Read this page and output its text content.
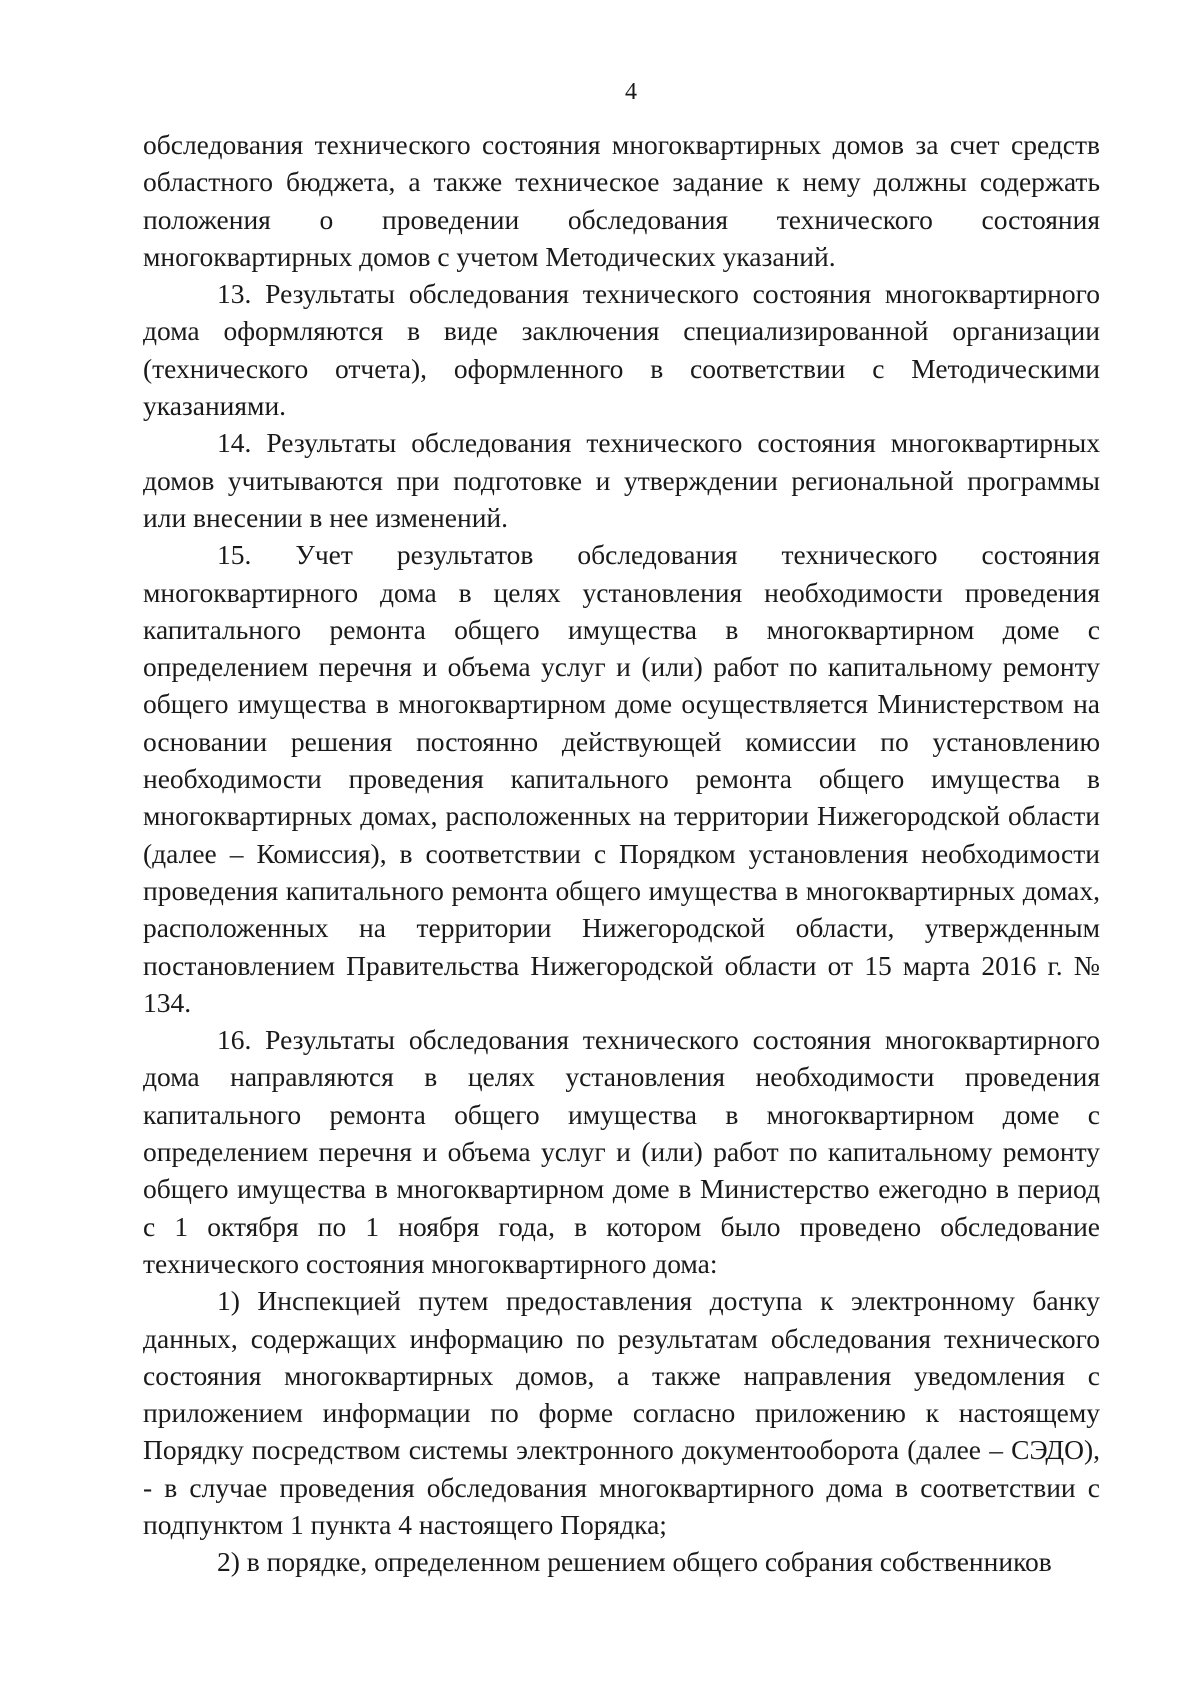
4

обследования технического состояния многоквартирных домов за счет средств областного бюджета, а также техническое задание к нему должны содержать положения о проведении обследования технического состояния многоквартирных домов с учетом Методических указаний.

13. Результаты обследования технического состояния многоквартирного дома оформляются в виде заключения специализированной организации (технического отчета), оформленного в соответствии с Методическими указаниями.

14. Результаты обследования технического состояния многоквартирных домов учитываются при подготовке и утверждении региональной программы или внесении в нее изменений.

15. Учет результатов обследования технического состояния многоквартирного дома в целях установления необходимости проведения капитального ремонта общего имущества в многоквартирном доме с определением перечня и объема услуг и (или) работ по капитальному ремонту общего имущества в многоквартирном доме осуществляется Министерством на основании решения постоянно действующей комиссии по установлению необходимости проведения капитального ремонта общего имущества в многоквартирных домах, расположенных на территории Нижегородской области (далее – Комиссия), в соответствии с Порядком установления необходимости проведения капитального ремонта общего имущества в многоквартирных домах, расположенных на территории Нижегородской области, утвержденным постановлением Правительства Нижегородской области от 15 марта 2016 г. № 134.

16. Результаты обследования технического состояния многоквартирного дома направляются в целях установления необходимости проведения капитального ремонта общего имущества в многоквартирном доме с определением перечня и объема услуг и (или) работ по капитальному ремонту общего имущества в многоквартирном доме в Министерство ежегодно в период с 1 октября по 1 ноября года, в котором было проведено обследование технического состояния многоквартирного дома:

1) Инспекцией путем предоставления доступа к электронному банку данных, содержащих информацию по результатам обследования технического состояния многоквартирных домов, а также направления уведомления с приложением информации по форме согласно приложению к настоящему Порядку посредством системы электронного документооборота (далее – СЭДО), - в случае проведения обследования многоквартирного дома в соответствии с подпунктом 1 пункта 4 настоящего Порядка;

2) в порядке, определенном решением общего собрания собственников
